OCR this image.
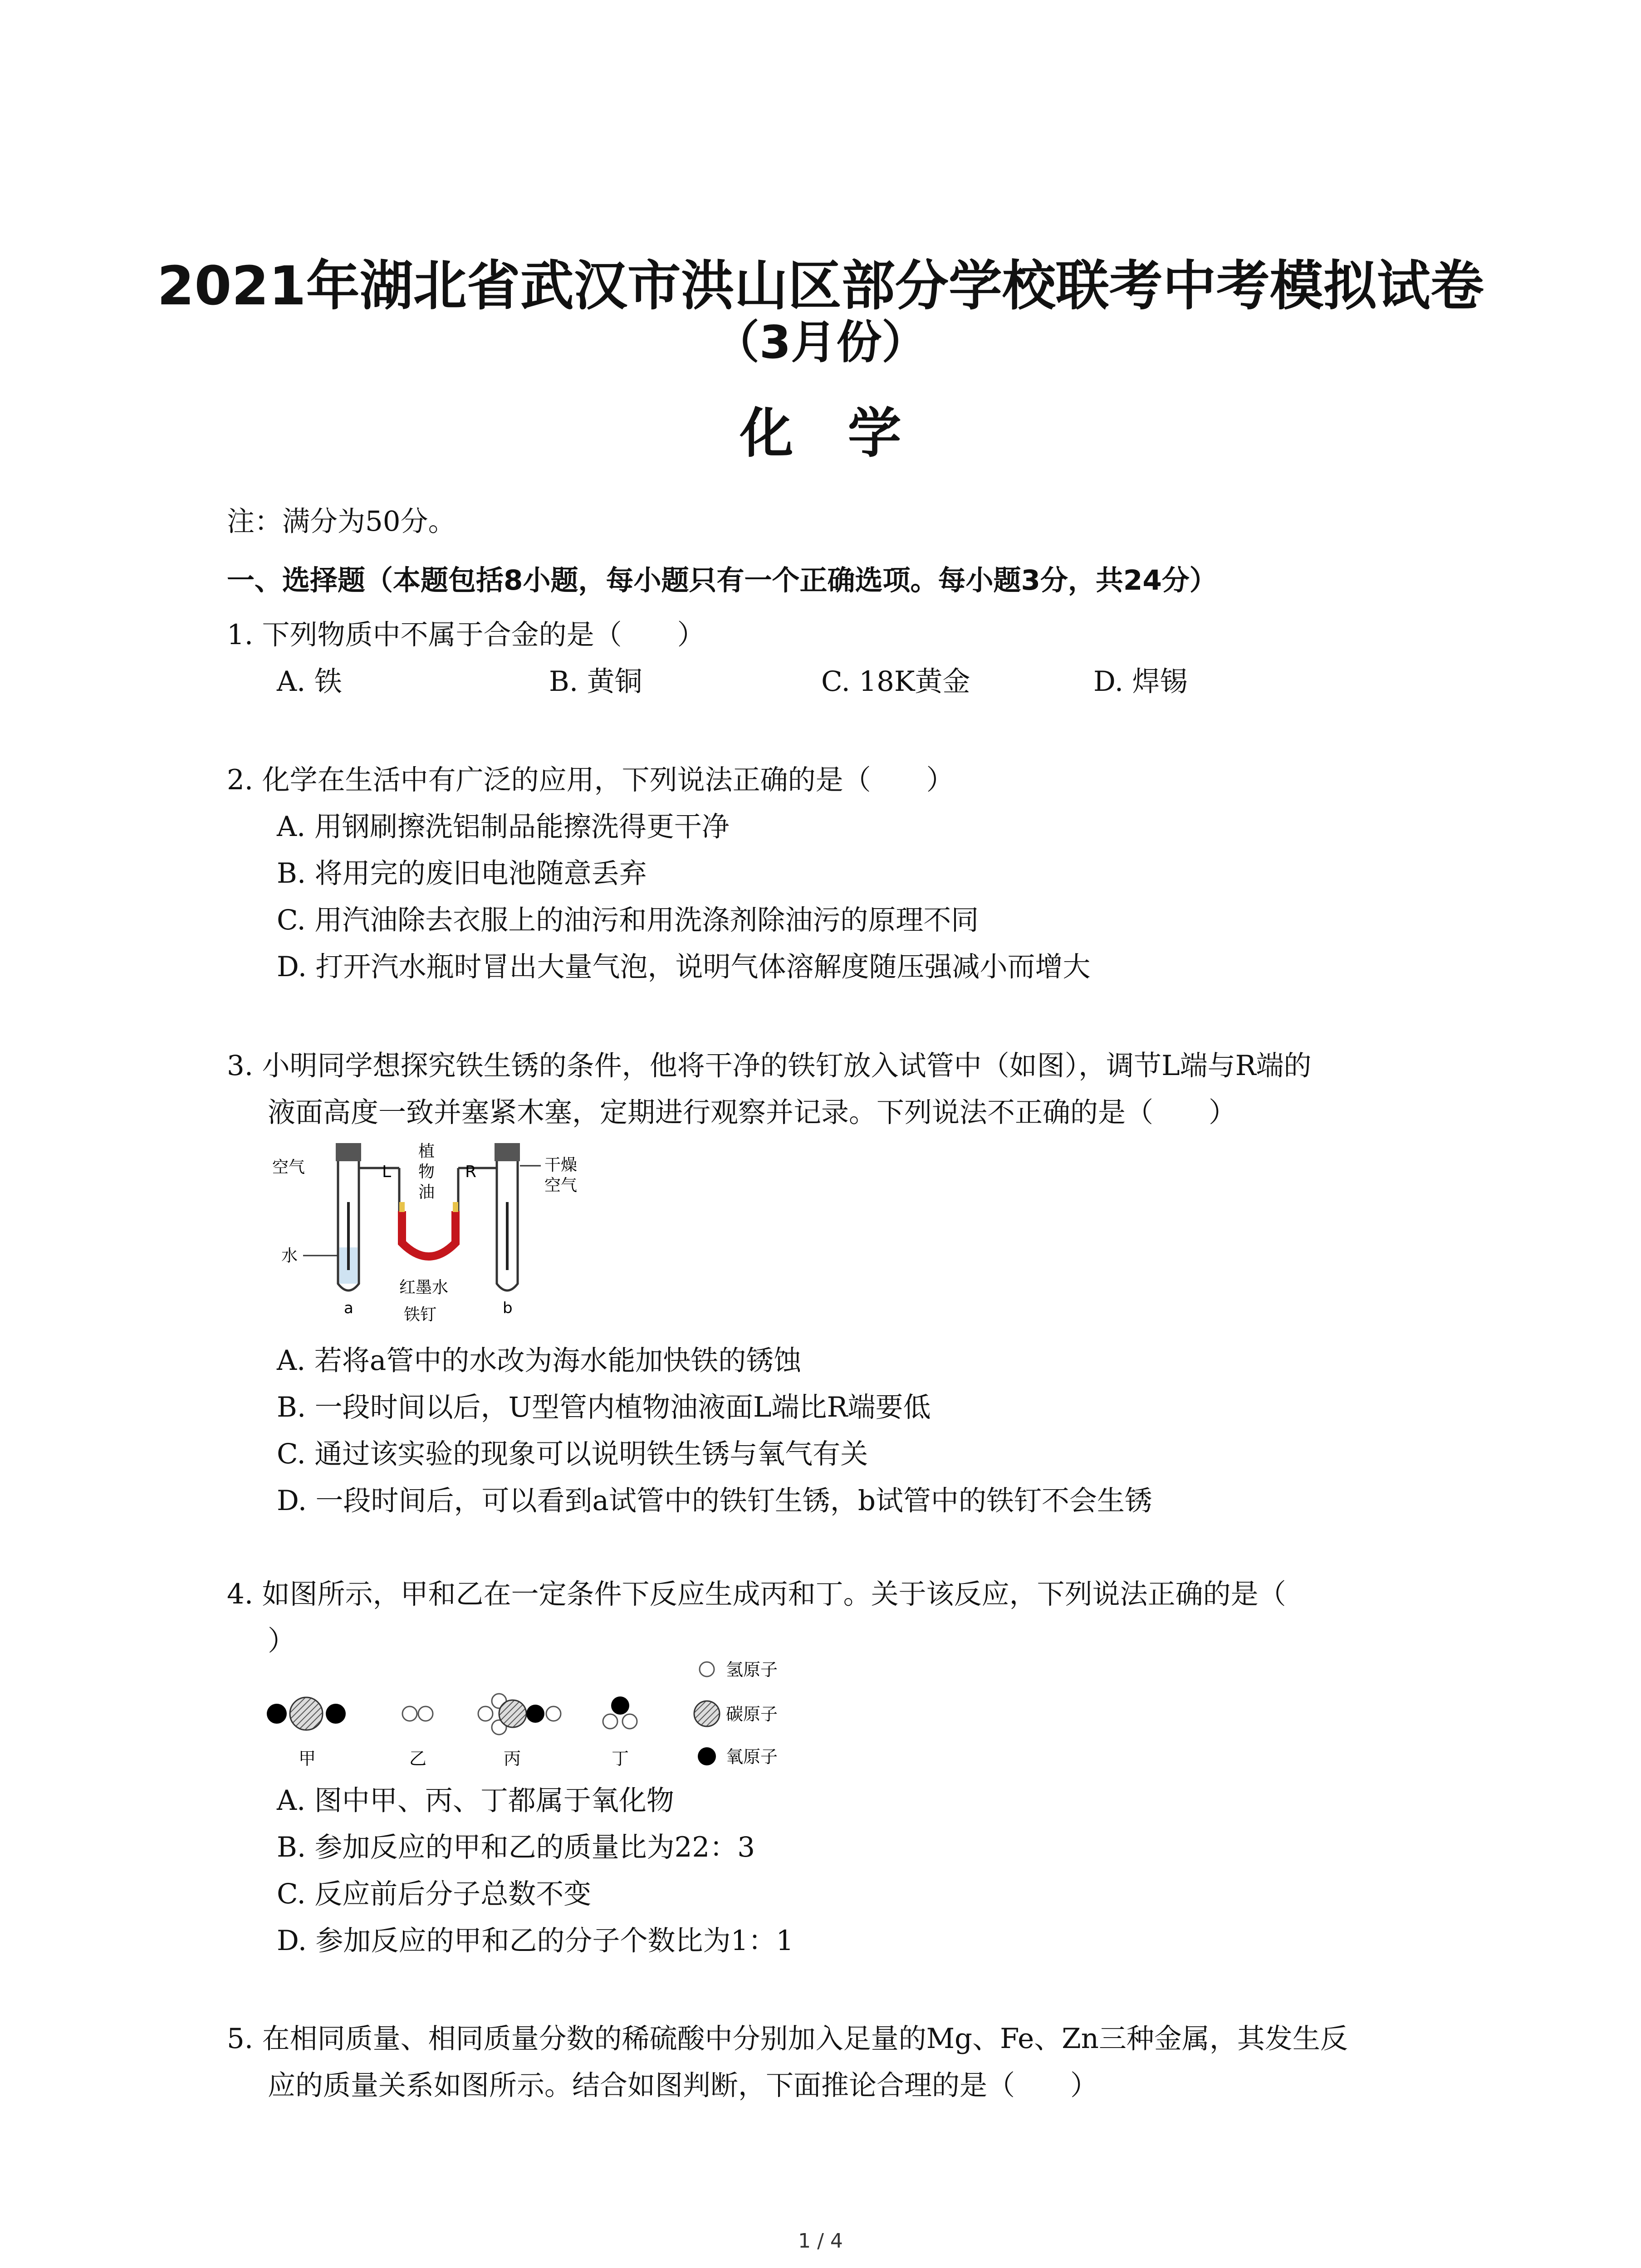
2021年湖北省武汉市洪山区部分学校联考中考模拟试卷
（3月份）
化学
注：满分为50分。
一、选择题（本题包括8小题，每小题只有一个正确选项。每小题3分，共24分）
1. 下列物质中不属于合金的是（　　）
A. 铁	B. 黄铜	C. 18K黄金	D. 焊锡
2. 化学在生活中有广泛的应用，下列说法正确的是（　　）
A. 用钢刷擦洗铝制品能擦洗得更干净
B. 将用完的废旧电池随意丢弃
C. 用汽油除去衣服上的油污和用洗涤剂除油污的原理不同
D. 打开汽水瓶时冒出大量气泡，说明气体溶解度随压强减小而增大
3. 小明同学想探究铁生锈的条件，他将干净的铁钉放入试管中（如图），调节L端与R端的
液面高度一致并塞紧木塞，定期进行观察并记录。下列说法不正确的是（　　）
空气
水
植
物
油
L	R	干燥
空气
红墨水
铁钉
a	b
A. 若将a管中的水改为海水能加快铁的锈蚀
B. 一段时间以后，U型管内植物油液面L端比R端要低
C. 通过该实验的现象可以说明铁生锈与氧气有关
D. 一段时间后，可以看到a试管中的铁钉生锈，b试管中的铁钉不会生锈
4. 如图所示，甲和乙在一定条件下反应生成丙和丁。关于该反应，下列说法正确的是（
）
氢原子
碳原子
氧原子
甲	乙	丙	丁
A. 图中甲、丙、丁都属于氧化物
B. 参加反应的甲和乙的质量比为22：3
C. 反应前后分子总数不变
D. 参加反应的甲和乙的分子个数比为1：1
5. 在相同质量、相同质量分数的稀硫酸中分别加入足量的Mg、Fe、Zn三种金属，其发生反
应的质量关系如图所示。结合如图判断，下面推论合理的是（　　）
1 / 4
